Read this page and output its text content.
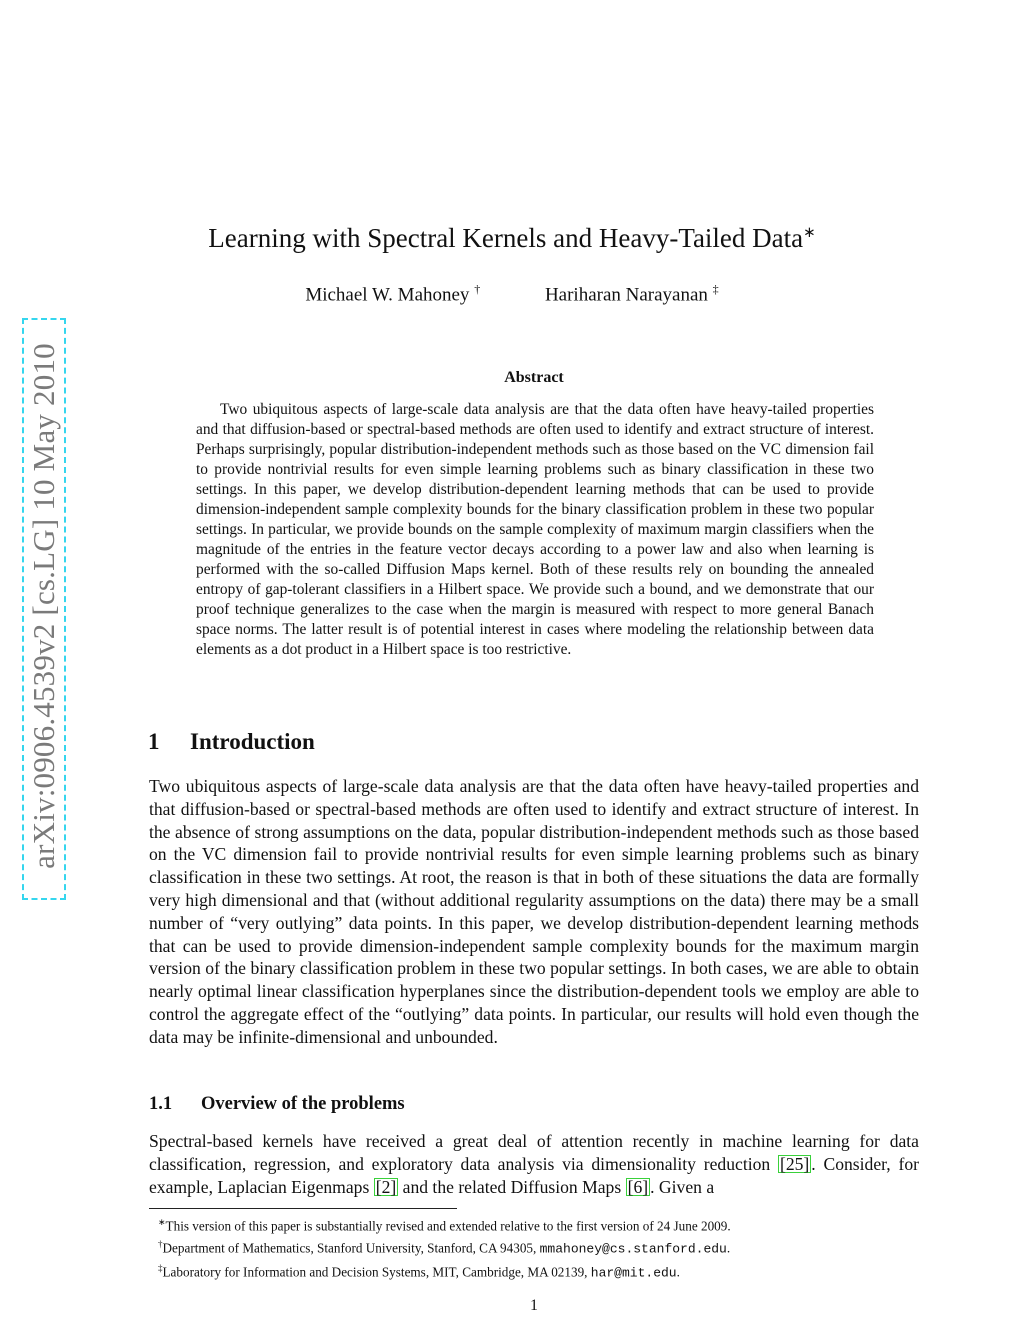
arXiv:0906.4539v2 [cs.LG] 10 May 2010
Learning with Spectral Kernels and Heavy-Tailed Data∗
Michael W. Mahoney †	Hariharan Narayanan ‡
Abstract
Two ubiquitous aspects of large-scale data analysis are that the data often have heavy-tailed properties and that diffusion-based or spectral-based methods are often used to identify and extract structure of interest. Perhaps surprisingly, popular distribution-independent methods such as those based on the VC dimension fail to provide nontrivial results for even simple learning problems such as binary classification in these two settings. In this paper, we develop distribution-dependent learning methods that can be used to provide dimension-independent sample complexity bounds for the binary classification problem in these two popular settings. In particular, we provide bounds on the sample complexity of maximum margin classifiers when the magnitude of the entries in the feature vector decays according to a power law and also when learning is performed with the so-called Diffusion Maps kernel. Both of these results rely on bounding the annealed entropy of gap-tolerant classifiers in a Hilbert space. We provide such a bound, and we demonstrate that our proof technique generalizes to the case when the margin is measured with respect to more general Banach space norms. The latter result is of potential interest in cases where modeling the relationship between data elements as a dot product in a Hilbert space is too restrictive.
1 Introduction
Two ubiquitous aspects of large-scale data analysis are that the data often have heavy-tailed properties and that diffusion-based or spectral-based methods are often used to identify and extract structure of interest. In the absence of strong assumptions on the data, popular distribution-independent methods such as those based on the VC dimension fail to provide nontrivial results for even simple learning problems such as binary classification in these two settings. At root, the reason is that in both of these situations the data are formally very high dimensional and that (without additional regularity assumptions on the data) there may be a small number of “very outlying” data points. In this paper, we develop distribution-dependent learning methods that can be used to provide dimension-independent sample complexity bounds for the maximum margin version of the binary classification problem in these two popular settings. In both cases, we are able to obtain nearly optimal linear classification hyperplanes since the distribution-dependent tools we employ are able to control the aggregate effect of the “outlying” data points. In particular, our results will hold even though the data may be infinite-dimensional and unbounded.
1.1 Overview of the problems
Spectral-based kernels have received a great deal of attention recently in machine learning for data classification, regression, and exploratory data analysis via dimensionality reduction [25] . Consider, for example, Laplacian Eigenmaps [2] and the related Diffusion Maps [6] . Given a
∗This version of this paper is substantially revised and extended relative to the first version of 24 June 2009.
†Department of Mathematics, Stanford University, Stanford, CA 94305, mmahoney@cs.stanford.edu.
‡Laboratory for Information and Decision Systems, MIT, Cambridge, MA 02139, har@mit.edu.
1
